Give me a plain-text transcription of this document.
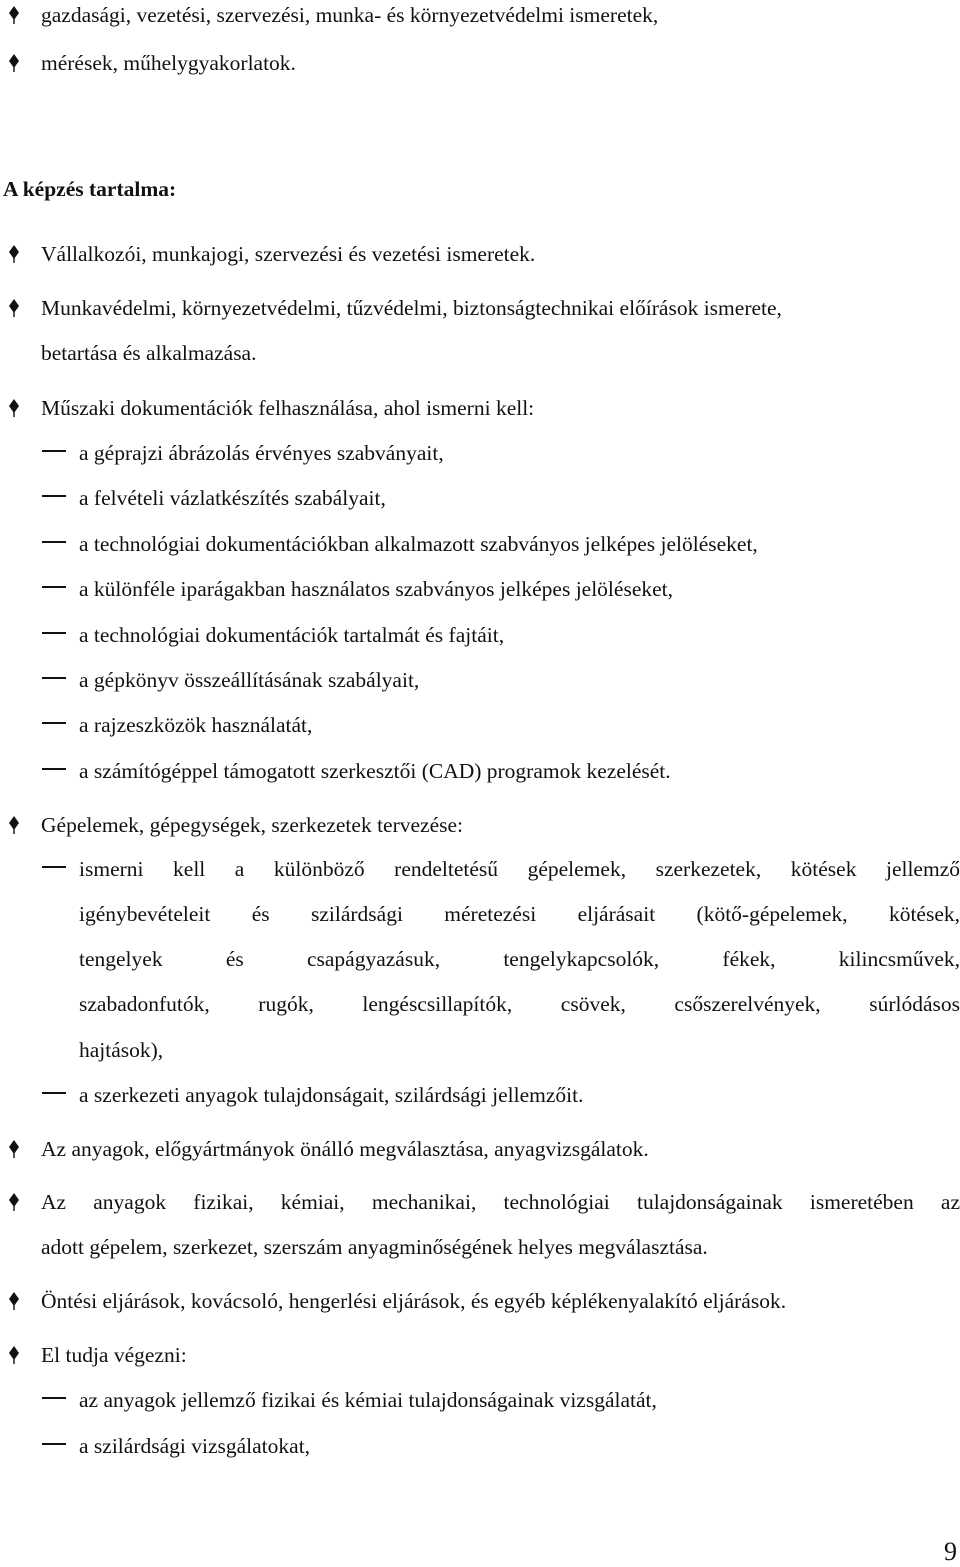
gazdasági, vezetési, szervezési, munka- és környezetvédelmi ismeretek,
mérések, műhelygyakorlatok.
A képzés tartalma:
Vállalkozói, munkajogi, szervezési és vezetési ismeretek.
Munkavédelmi, környezetvédelmi, tűzvédelmi, biztonságtechnikai előírások ismerete,
betartása és alkalmazása.
Műszaki dokumentációk felhasználása, ahol ismerni kell:
a géprajzi ábrázolás érvényes szabványait,
a felvételi vázlatkészítés szabályait,
a technológiai dokumentációkban alkalmazott szabványos jelképes jelöléseket,
a különféle iparágakban használatos szabványos jelképes jelöléseket,
a technológiai dokumentációk tartalmát és fajtáit,
a gépkönyv összeállításának szabályait,
a rajzeszközök használatát,
a számítógéppel támogatott szerkesztői (CAD) programok kezelését.
Gépelemek, gépegységek, szerkezetek tervezése:
ismerni kell a különböző rendeltetésű gépelemek, szerkezetek, kötések jellemző
igénybevételeit és szilárdsági méretezési eljárásait (kötő-gépelemek, kötések,
tengelyek és csapágyazásuk, tengelykapcsolók, fékek, kilincsművek,
szabadonfutók, rugók, lengéscsillapítók, csövek, csőszerelvények, súrlódásos
hajtások),
a szerkezeti anyagok tulajdonságait, szilárdsági jellemzőit.
Az anyagok, előgyártmányok önálló megválasztása, anyagvizsgálatok.
Az anyagok fizikai, kémiai, mechanikai, technológiai tulajdonságainak ismeretében az
adott gépelem, szerkezet, szerszám anyagminőségének helyes megválasztása.
Öntési eljárások, kovácsoló, hengerlési eljárások, és egyéb képlékenyalakító eljárások.
El tudja végezni:
az anyagok jellemző fizikai és kémiai tulajdonságainak vizsgálatát,
a szilárdsági vizsgálatokat,
9
